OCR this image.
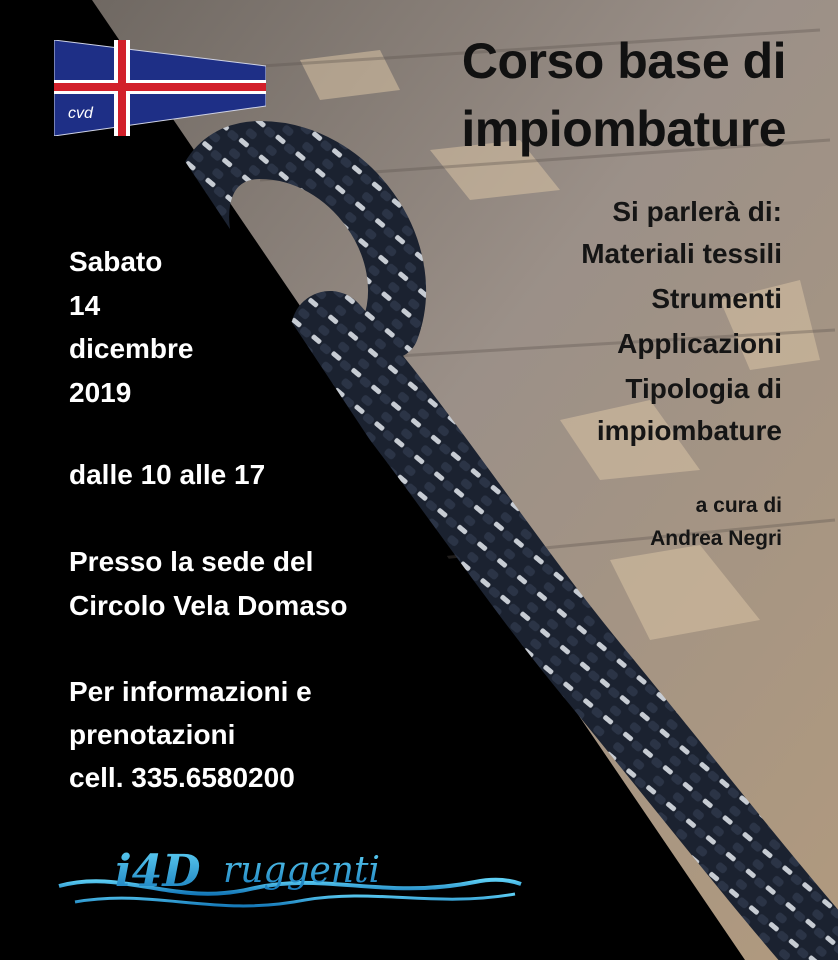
cvd
Corso base di
impiombature
Si parlerà di:
Materiali tessili
Strumenti
Applicazioni
Tipologia di
impiombature
a cura di
Andrea Negri
Sabato
14
dicembre
2019
dalle 10 alle 17
Presso la sede del
Circolo Vela Domaso
Per informazioni e
prenotazioni
cell. 335.6580200
i4D ruggenti
